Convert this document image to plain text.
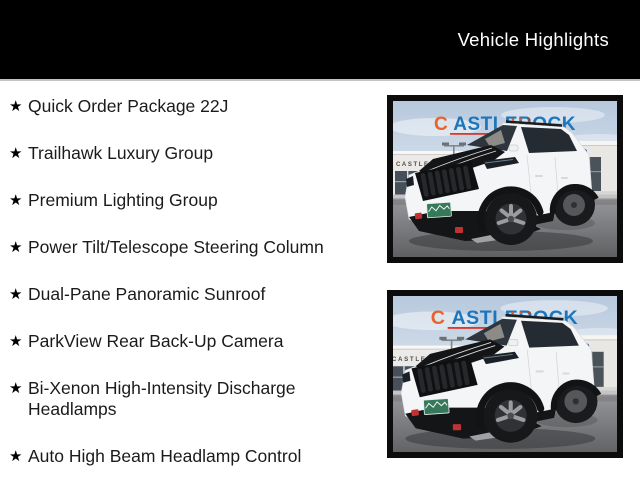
Vehicle Highlights
★ Quick Order Package 22J
★ Trailhawk Luxury Group
★ Premium Lighting Group
★ Power Tilt/Telescope Steering Column
★ Dual-Pane Panoramic Sunroof
★ ParkView Rear Back-Up Camera
★ Bi-Xenon High-Intensity Discharge Headlamps
★ Auto High Beam Headlamp Control
